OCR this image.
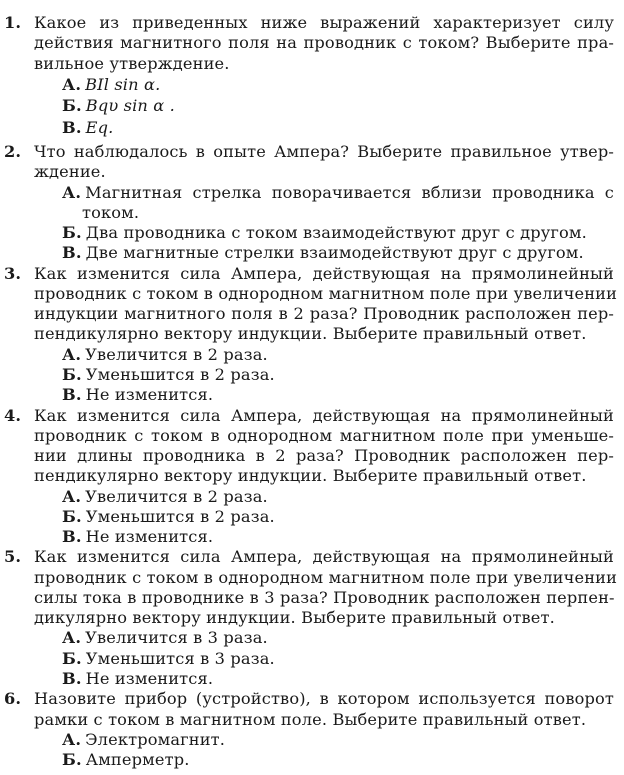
1. Какое из приведенных ниже выражений характеризует силу
действия магнитного поля на проводник с током? Выберите пра-
вильное утверждение.
А. BIl sin α.
Б. Bqυ sin α .
В. Eq.
2. Что наблюдалось в опыте Ампера? Выберите правильное утвер-
ждение.
А. Магнитная стрелка поворачивается вблизи проводника с
током.
Б. Два проводника с током взаимодействуют друг с другом.
В. Две магнитные стрелки взаимодействуют друг с другом.
3. Как изменится сила Ампера, действующая на прямолинейный
проводник с током в однородном магнитном поле при увеличении
индукции магнитного поля в 2 раза? Проводник расположен пер-
пендикулярно вектору индукции. Выберите правильный ответ.
А. Увеличится в 2 раза.
Б. Уменьшится в 2 раза.
В. Не изменится.
4. Как изменится сила Ампера, действующая на прямолинейный
проводник с током в однородном магнитном поле при уменьше-
нии длины проводника в 2 раза? Проводник расположен пер-
пендикулярно вектору индукции. Выберите правильный ответ.
А. Увеличится в 2 раза.
Б. Уменьшится в 2 раза.
В. Не изменится.
5. Как изменится сила Ампера, действующая на прямолинейный
проводник с током в однородном магнитном поле при увеличении
силы тока в проводнике в 3 раза? Проводник расположен перпен-
дикулярно вектору индукции. Выберите правильный ответ.
А. Увеличится в 3 раза.
Б. Уменьшится в 3 раза.
В. Не изменится.
6. Назовите прибор (устройство), в котором используется поворот
рамки с током в магнитном поле. Выберите правильный ответ.
А. Электромагнит.
Б. Амперметр.
